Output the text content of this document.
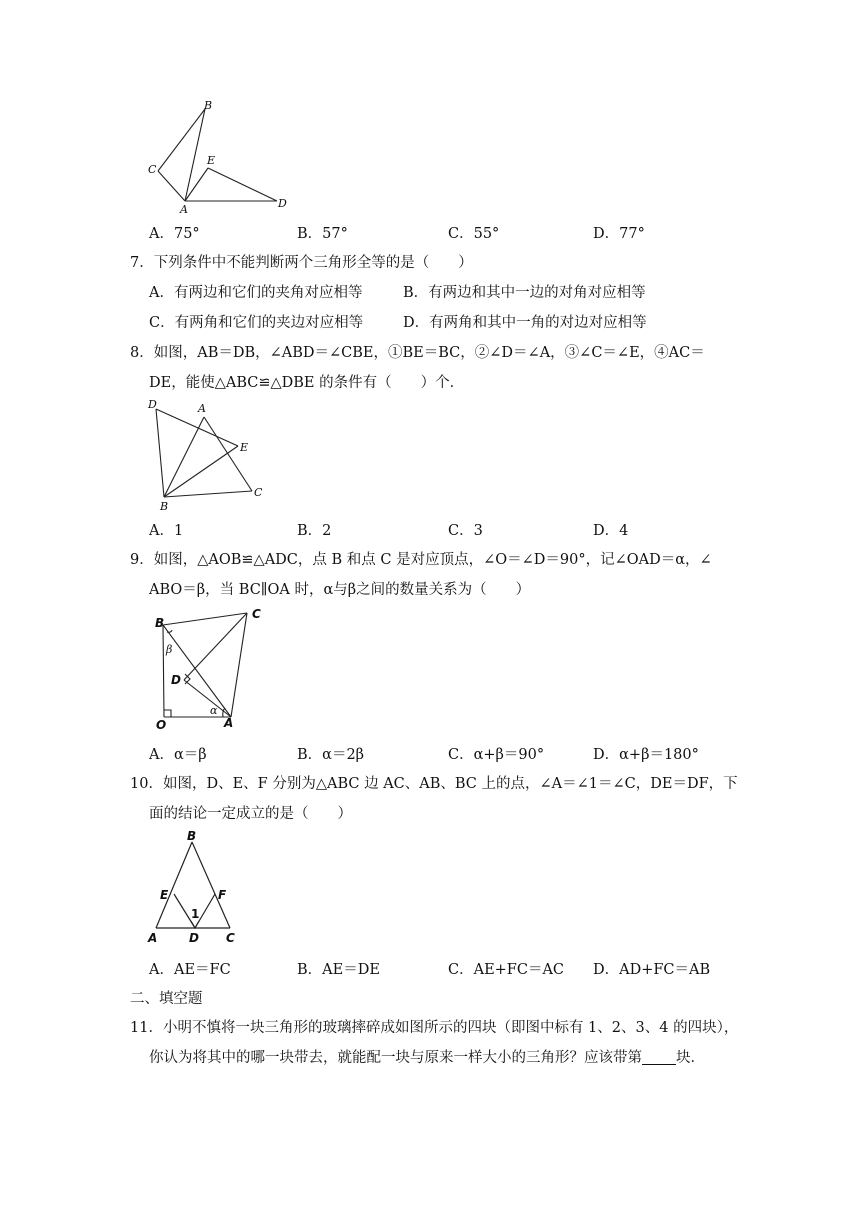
B
C
E
A	D
A．75°	B．57°	C．55°	D．77°
7．下列条件中不能判断两个三角形全等的是（　　）
A．有两边和它们的夹角对应相等	B．有两边和其中一边的对角对应相等
C．有两角和它们的夹边对应相等	D．有两角和其中一角的对边对应相等
8．如图，AB＝DB，∠ABD＝∠CBE，①BE＝BC，②∠D＝∠A，③∠C＝∠E，④AC＝
DE，能使△ABC≌△DBE 的条件有（　　）个．
D	A
E
B
C
A．1	B．2	C．3	D．4
9．如图，△AOB≌△ADC，点 B 和点 C 是对应顶点，∠O＝∠D＝90°，记∠OAD＝α，∠
ABO＝β，当 BC∥OA 时，α与β之间的数量关系为（　　）
B
C
β
D
O
α
A
A．α＝β	B．α＝2β	C．α+β＝90°	D．α+β＝180°
10．如图，D、E、F 分别为△ABC 边 AC、AB、BC 上的点，∠A＝∠1＝∠C，DE＝DF，下
面的结论一定成立的是（　　）
B
E	F
1
A	D C
A．AE＝FC	B．AE＝DE	C．AE+FC＝AC D．AD+FC＝AB
二、填空题
11．小明不慎将一块三角形的玻璃摔碎成如图所示的四块（即图中标有 1、2、3、4 的四块），
你认为将其中的哪一块带去，就能配一块与原来一样大小的三角形？应该带第 块．
